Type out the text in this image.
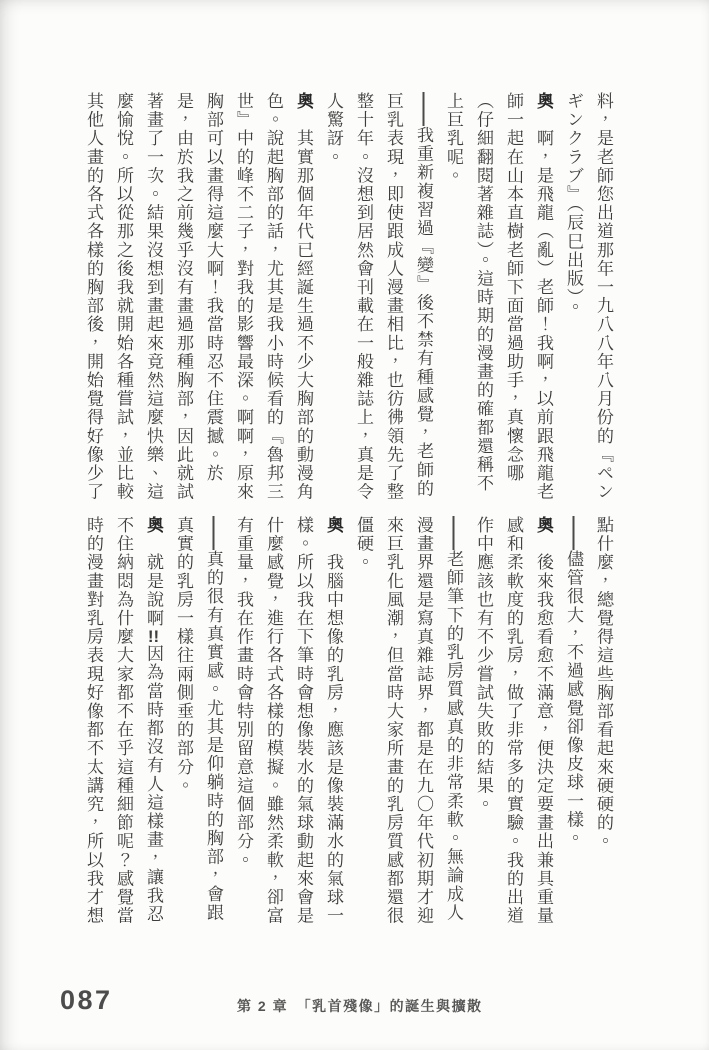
料，是老師您出道那年一九八八年八月份的『ペン
ギンクラブ』（辰巳出版）。
奧　啊，是飛龍（亂）老師！我啊，以前跟飛龍老
師一起在山本直樹老師下面當過助手，真懷念哪
（仔細翻閱著雜誌）。這時期的漫畫的確都還稱不
上巨乳呢。
我重新複習過『變』後不禁有種感覺，老師的
巨乳表現，即使跟成人漫畫相比，也彷彿領先了整
整十年。沒想到居然會刊載在一般雜誌上，真是令
人驚訝。
奧　其實那個年代已經誕生過不少大胸部的動漫角
色。說起胸部的話，尤其是我小時候看的『魯邦三
世』中的峰不二子，對我的影響最深。啊啊，原來
胸部可以畫得這麼大啊！我當時忍不住震撼。於
是，由於我之前幾乎沒有畫過那種胸部，因此就試
著畫了一次。結果沒想到畫起來竟然這麼快樂、這
麼愉悅。所以從那之後我就開始各種嘗試，並比較
其他人畫的各式各樣的胸部後，開始覺得好像少了
點什麼，總覺得這些胸部看起來硬硬的。
儘管很大，不過感覺卻像皮球一樣。
奧　後來我愈看愈不滿意，便決定要畫出兼具重量
感和柔軟度的乳房，做了非常多的實驗。我的出道
作中應該也有不少嘗試失敗的結果。
老師筆下的乳房質感真的非常柔軟。無論成人
漫畫界還是寫真雜誌界，都是在九〇年代初期才迎
來巨乳化風潮，但當時大家所畫的乳房質感都還很
僵硬。
奧　我腦中想像的乳房，應該是像裝滿水的氣球一
樣。所以我在下筆時會想像裝水的氣球動起來會是
什麼感覺，進行各式各樣的模擬。雖然柔軟，卻富
有重量，我在作畫時會特別留意這個部分。
真的很有真實感。尤其是仰躺時的胸部，會跟
真實的乳房一樣往兩側垂的部分。
奧　就是說啊!!因為當時都沒有人這樣畫，讓我忍
不住納悶為什麼大家都不在乎這種細節呢？感覺當
時的漫畫對乳房表現好像都不太講究，所以我才想
087	第 2 章　「乳首殘像」的誕生與擴散
